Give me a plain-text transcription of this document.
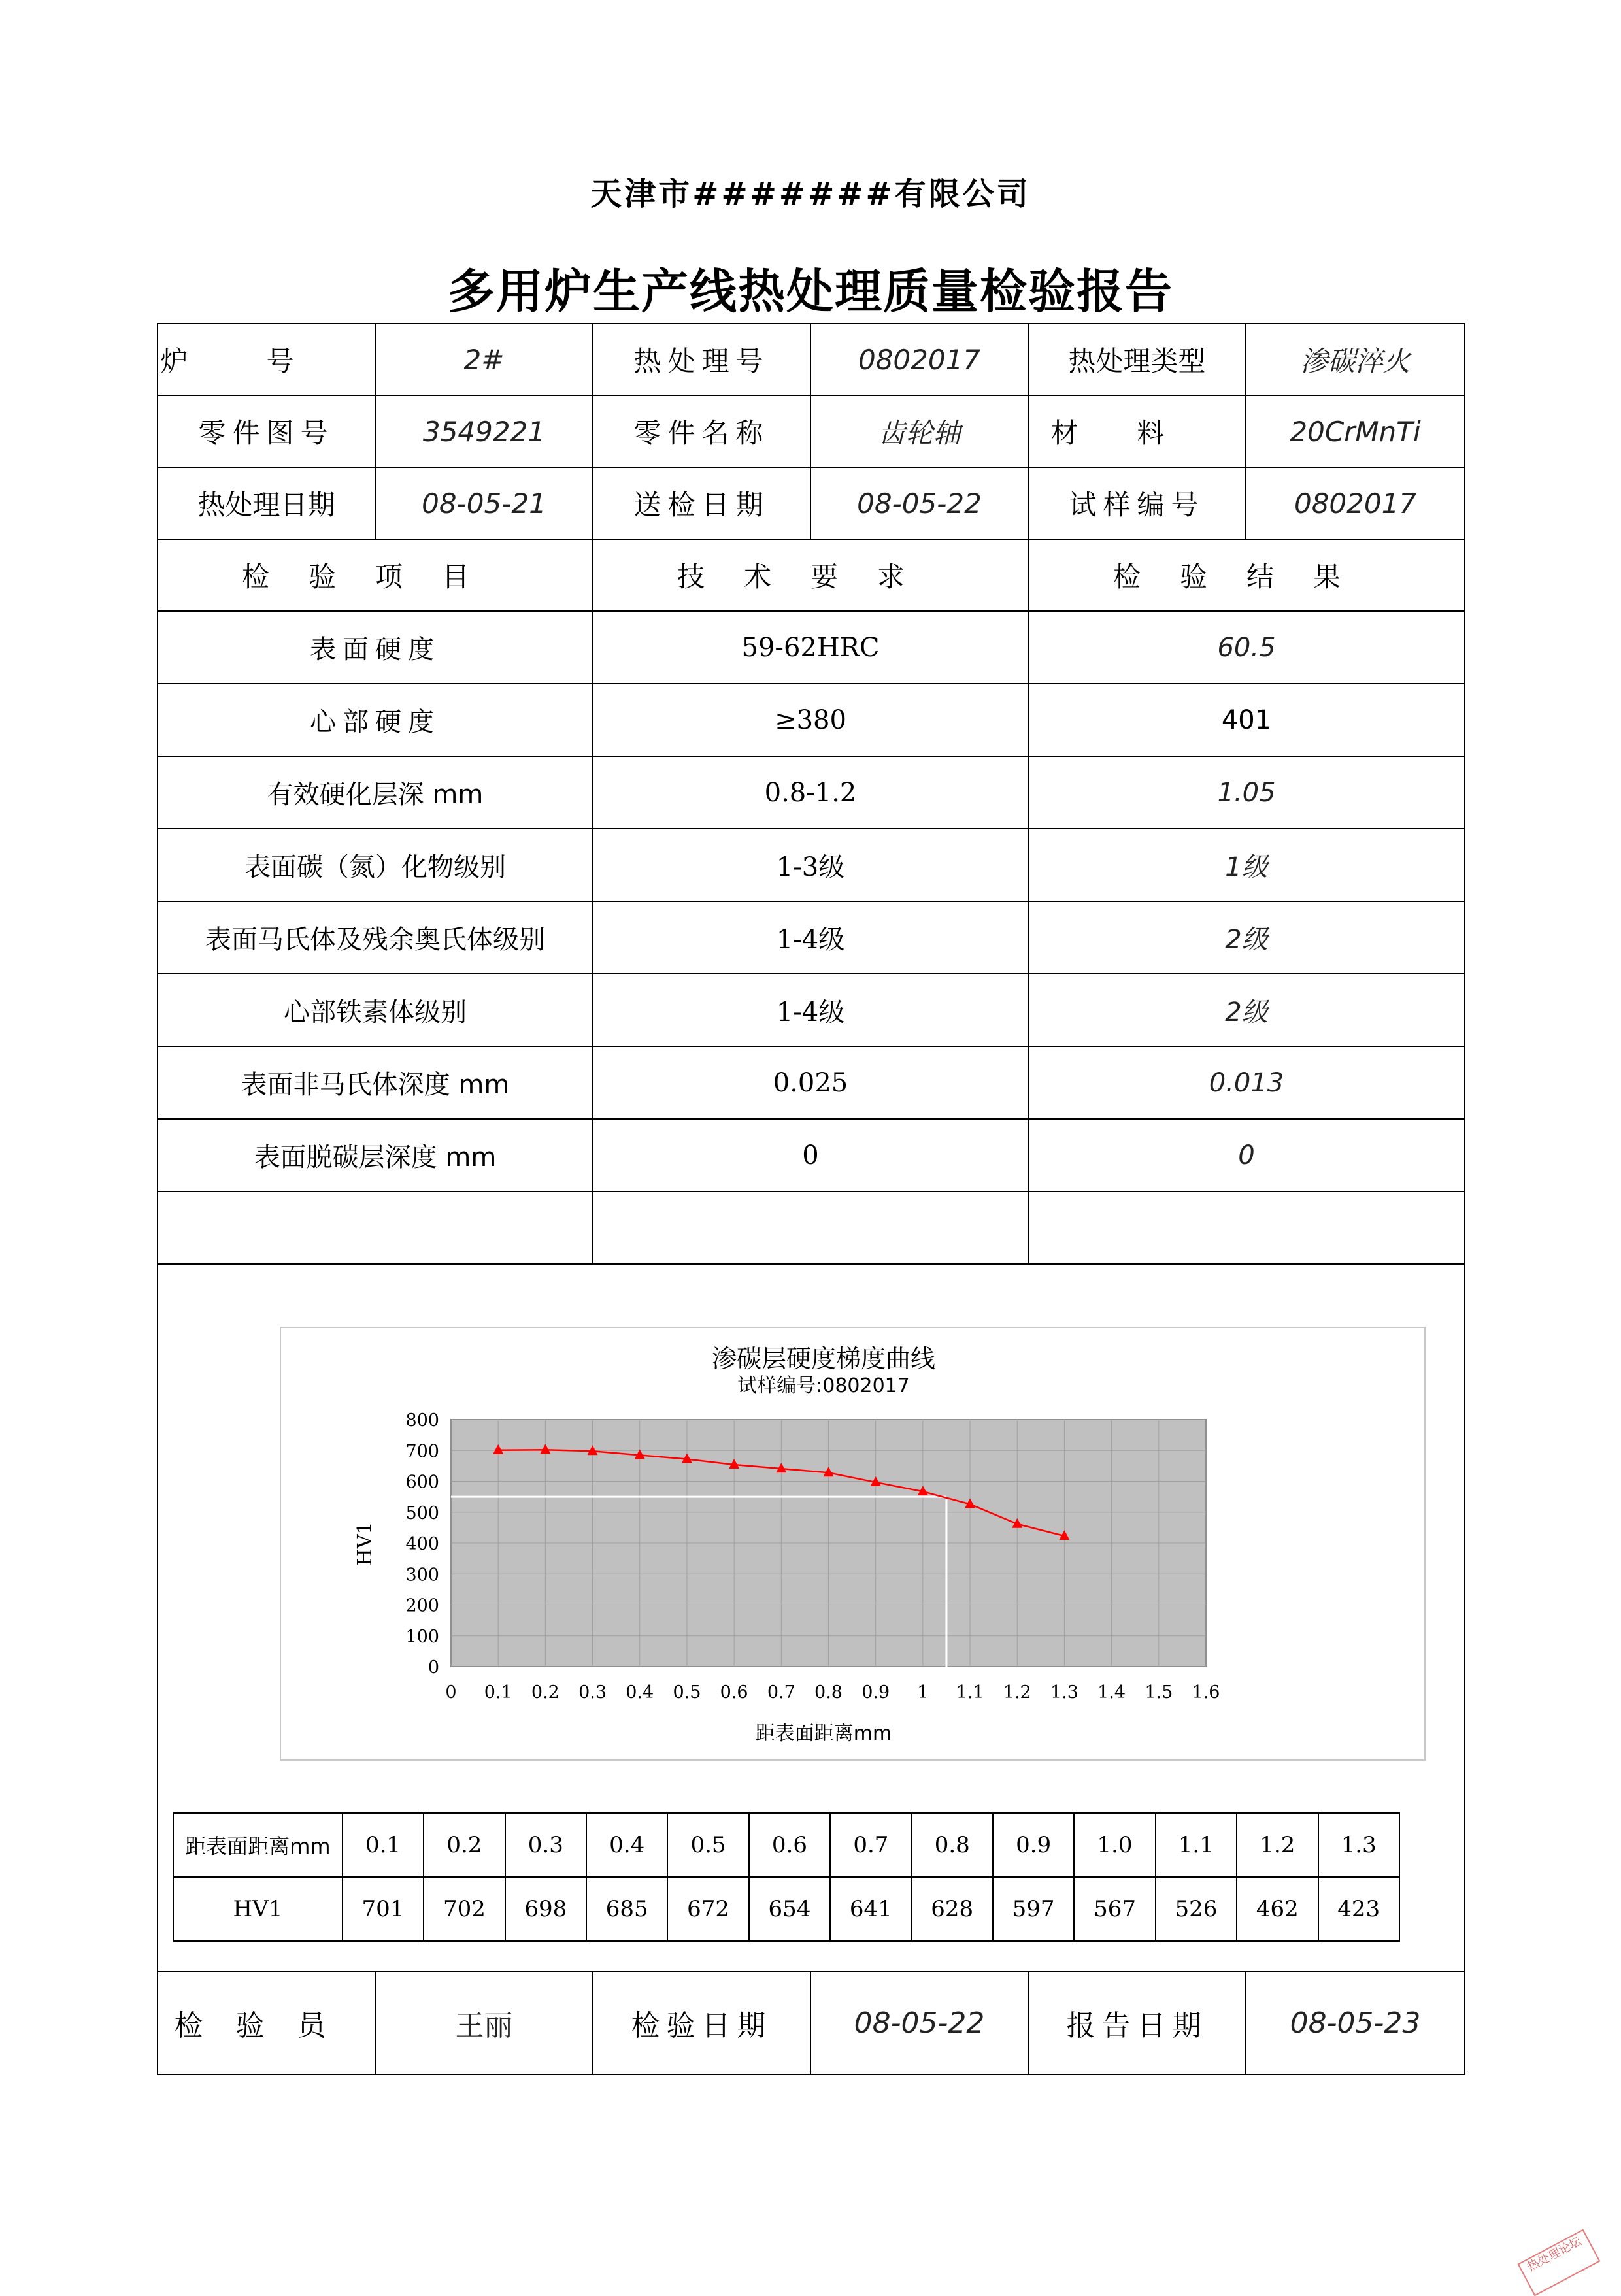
天津市#######有限公司
多用炉生产线热处理质量检验报告
炉号	2#	热处理号	0802017	热处理类型	渗碳淬火
零件图号	3549221	零件名称	齿轮轴	材料	20CrMnTi
热处理日期	08-05-21	送检日期	08-05-22	试样编号	0802017
检验项目	技术要求	检验结果
表面硬度	59-62HRC	60.5
心部硬度	≥380	401
有效硬化层深 mm	0.8-1.2	1.05
表面碳（氮）化物级别	1-3级	1级
表面马氏体及残余奥氏体级别	1-4级	2级
心部铁素体级别	1-4级	2级
表面非马氏体深度 mm	0.025	0.013
表面脱碳层深度 mm	0	0

渗碳层硬度梯度曲线
试样编号:0802017
0
100
200
300
400
500
600
700
800
0 0.1 0.2 0.3 0.4 0.5 0.6 0.7 0.8 0.9 1 1.1 1.2 1.3 1.4 1.5 1.6
HV1
距表面距离mm
距表面距离mm	0.1	0.2	0.3	0.4	0.5	0.6	0.7	0.8	0.9	1.0	1.1	1.2	1.3
HV1	701	702	698	685	672	654	641	628	597	567	526	462	423

检验员	王丽	检验日期	08-05-22	报告日期	08-05-23
热处理论坛
